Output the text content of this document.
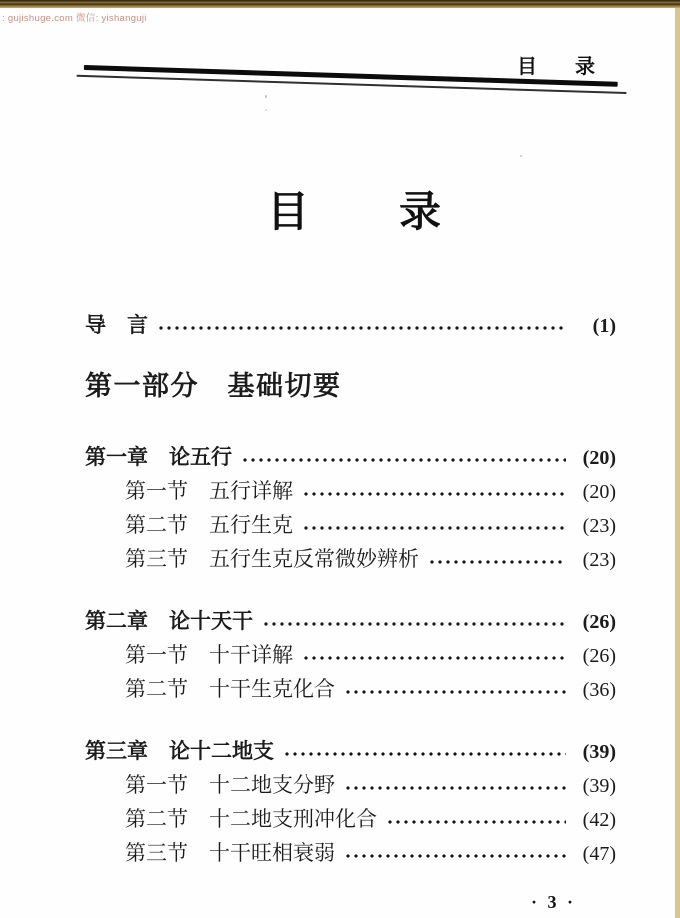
: gujishuge.com 微信: yishanguji
目　录
目　　录
导　言	(1)
第一部分　基础切要
第一章　论五行	(20)
第一节　五行详解	(20)
第二节　五行生克	(23)
第三节　五行生克反常微妙辨析	(23)
第二章　论十天干	(26)
第一节　十干详解	(26)
第二节　十干生克化合	(36)
第三章　论十二地支	(39)
第一节　十二地支分野	(39)
第二节　十二地支刑冲化合	(42)
第三节　十干旺相衰弱	(47)
· 3 ·
